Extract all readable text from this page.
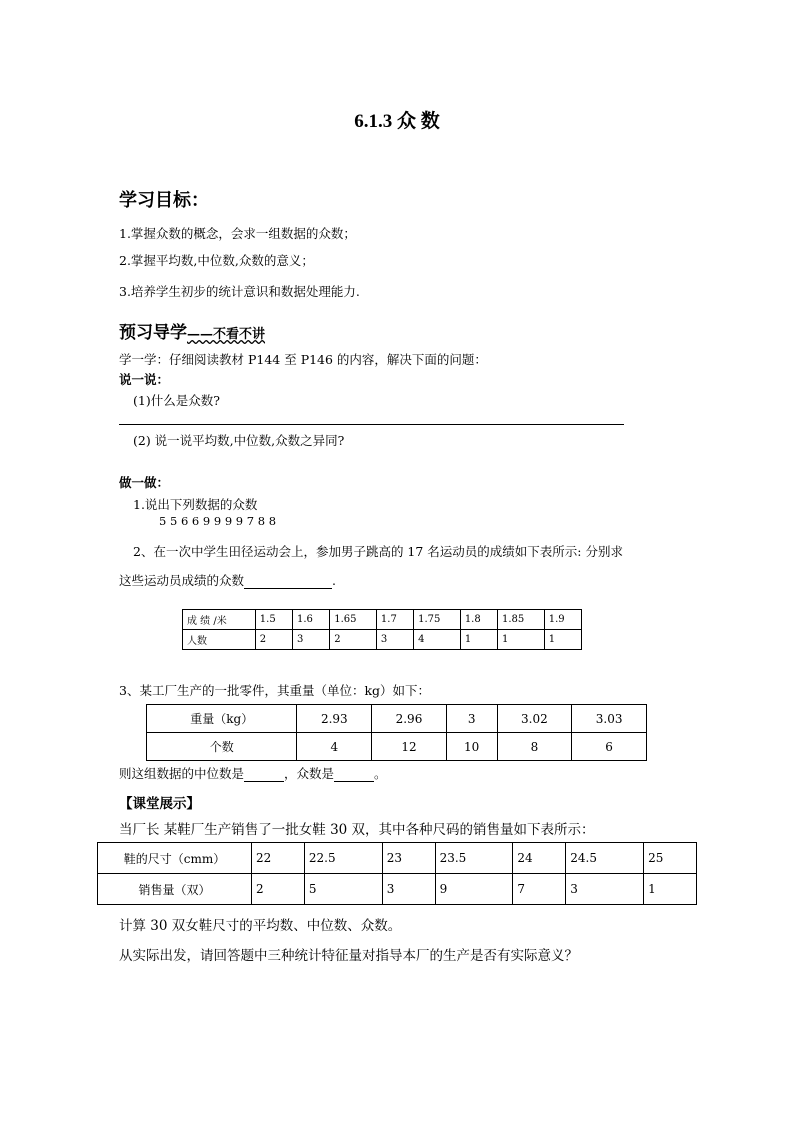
6.1.3 众 数
学习目标：
1.掌握众数的概念，会求一组数据的众数；
2.掌握平均数,中位数,众数的意义；
3.培养学生初步的统计意识和数据处理能力.
预习导学——不看不讲
学一学：仔细阅读教材 P144 至 P146 的内容，解决下面的问题：
说一说：
(1)什么是众数?
(2) 说一说平均数,中位数,众数之异同?
做一做：
1.说出下列数据的众数
5 5 6 6 9 9 9 9 7 8 8
2、在一次中学生田径运动会上，参加男子跳高的 17 名运动员的成绩如下表所示: 分别求
这些运动员成绩的众数	.
成 绩 /米	1.5	1.6	1.65	1.7	1.75	1.8	1.85	1.9
人数	2	3	2	3	4	1	1	1
3、某工厂生产的一批零件，其重量（单位：kg）如下：
重量（kg）	2.93	2.96	3	3.02	3.03
个数	4	12	10	8	6
则这组数据的中位数是	，众数是	。
【课堂展示】
当厂长 某鞋厂生产销售了一批女鞋 30 双，其中各种尺码的销售量如下表所示：
鞋的尺寸（cmm）	22	22.5	23	23.5	24	24.5	25
销售量（双）	2	5	3	9	7	3	1
计算 30 双女鞋尺寸的平均数、中位数、众数。
从实际出发，请回答题中三种统计特征量对指导本厂的生产是否有实际意义？
